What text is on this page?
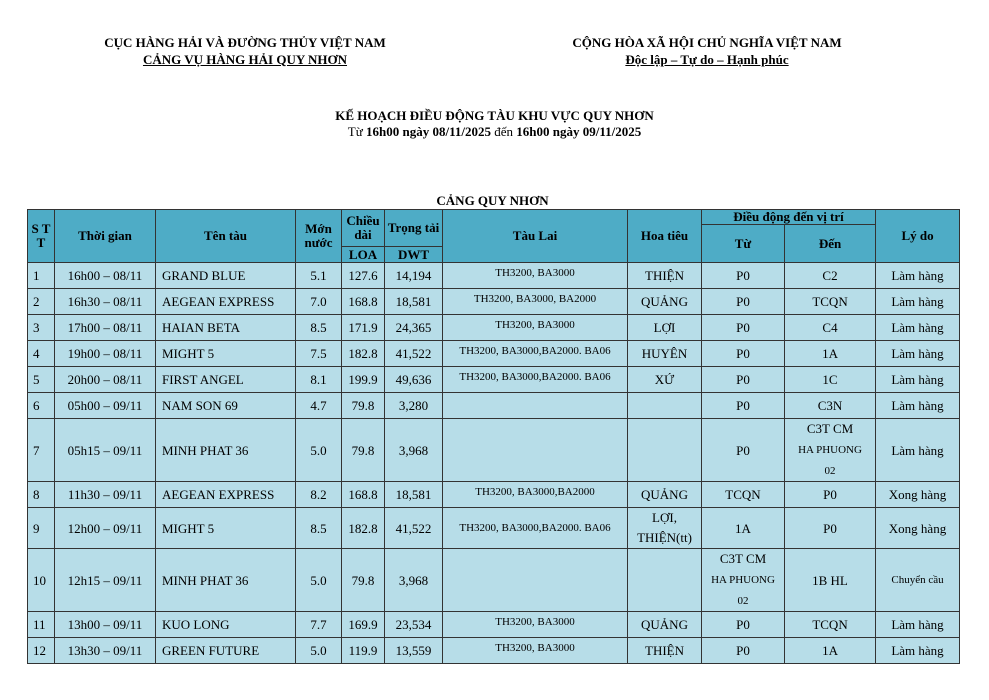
CỤC HÀNG HẢI VÀ ĐƯỜNG THỦY VIỆT NAM
CẢNG VỤ HÀNG HẢI QUY NHƠN
CỘNG HÒA XÃ HỘI CHỦ NGHĨA VIỆT NAM
Độc lập – Tự do – Hạnh phúc
KẾ HOẠCH ĐIỀU ĐỘNG TÀU KHU VỰC QUY NHƠN
Từ 16h00 ngày 08/11/2025 đến 16h00 ngày 09/11/2025
CẢNG QUY NHƠN
S T T	Thời gian	Tên tàu	Mớn nước	Chiều dài	Trọng tải	Tàu Lai	Hoa tiêu	Điều động đến vị trí		Lý do
								Từ	Đến	
				LOA	DWT					
1	16h00 – 08/11	GRAND BLUE	5.1	127.6	14,194	TH3200, BA3000	THIỆN	P0	C2	Làm hàng
2	16h30 – 08/11	AEGEAN EXPRESS	7.0	168.8	18,581	TH3200, BA3000, BA2000	QUẢNG	P0	TCQN	Làm hàng
3	17h00 – 08/11	HAIAN BETA	8.5	171.9	24,365	TH3200, BA3000	LỢI	P0	C4	Làm hàng
4	19h00 – 08/11	MIGHT 5	7.5	182.8	41,522	TH3200, BA3000,BA2000. BA06	HUYÊN	P0	1A	Làm hàng
5	20h00 – 08/11	FIRST ANGEL	8.1	199.9	49,636	TH3200, BA3000,BA2000. BA06	XỨ	P0	1C	Làm hàng
6	05h00 – 09/11	NAM SON 69	4.7	79.8	3,280			P0	C3N	Làm hàng
7	05h15 – 09/11	MINH PHAT 36	5.0	79.8	3,968			P0	C3T CM
HA PHUONG
02	Làm hàng
8	11h30 – 09/11	AEGEAN EXPRESS	8.2	168.8	18,581	TH3200, BA3000,BA2000	QUẢNG	TCQN	P0	Xong hàng
9	12h00 – 09/11	MIGHT 5	8.5	182.8	41,522	TH3200, BA3000,BA2000. BA06	LỢI,
THIỆN(tt)	1A	P0	Xong hàng
10	12h15 – 09/11	MINH PHAT 36	5.0	79.8	3,968			C3T CM
HA PHUONG
02	1B HL	Chuyển cầu
11	13h00 – 09/11	KUO LONG	7.7	169.9	23,534	TH3200, BA3000	QUẢNG	P0	TCQN	Làm hàng
12	13h30 – 09/11	GREEN FUTURE	5.0	119.9	13,559	TH3200, BA3000	THIỆN	P0	1A	Làm hàng
